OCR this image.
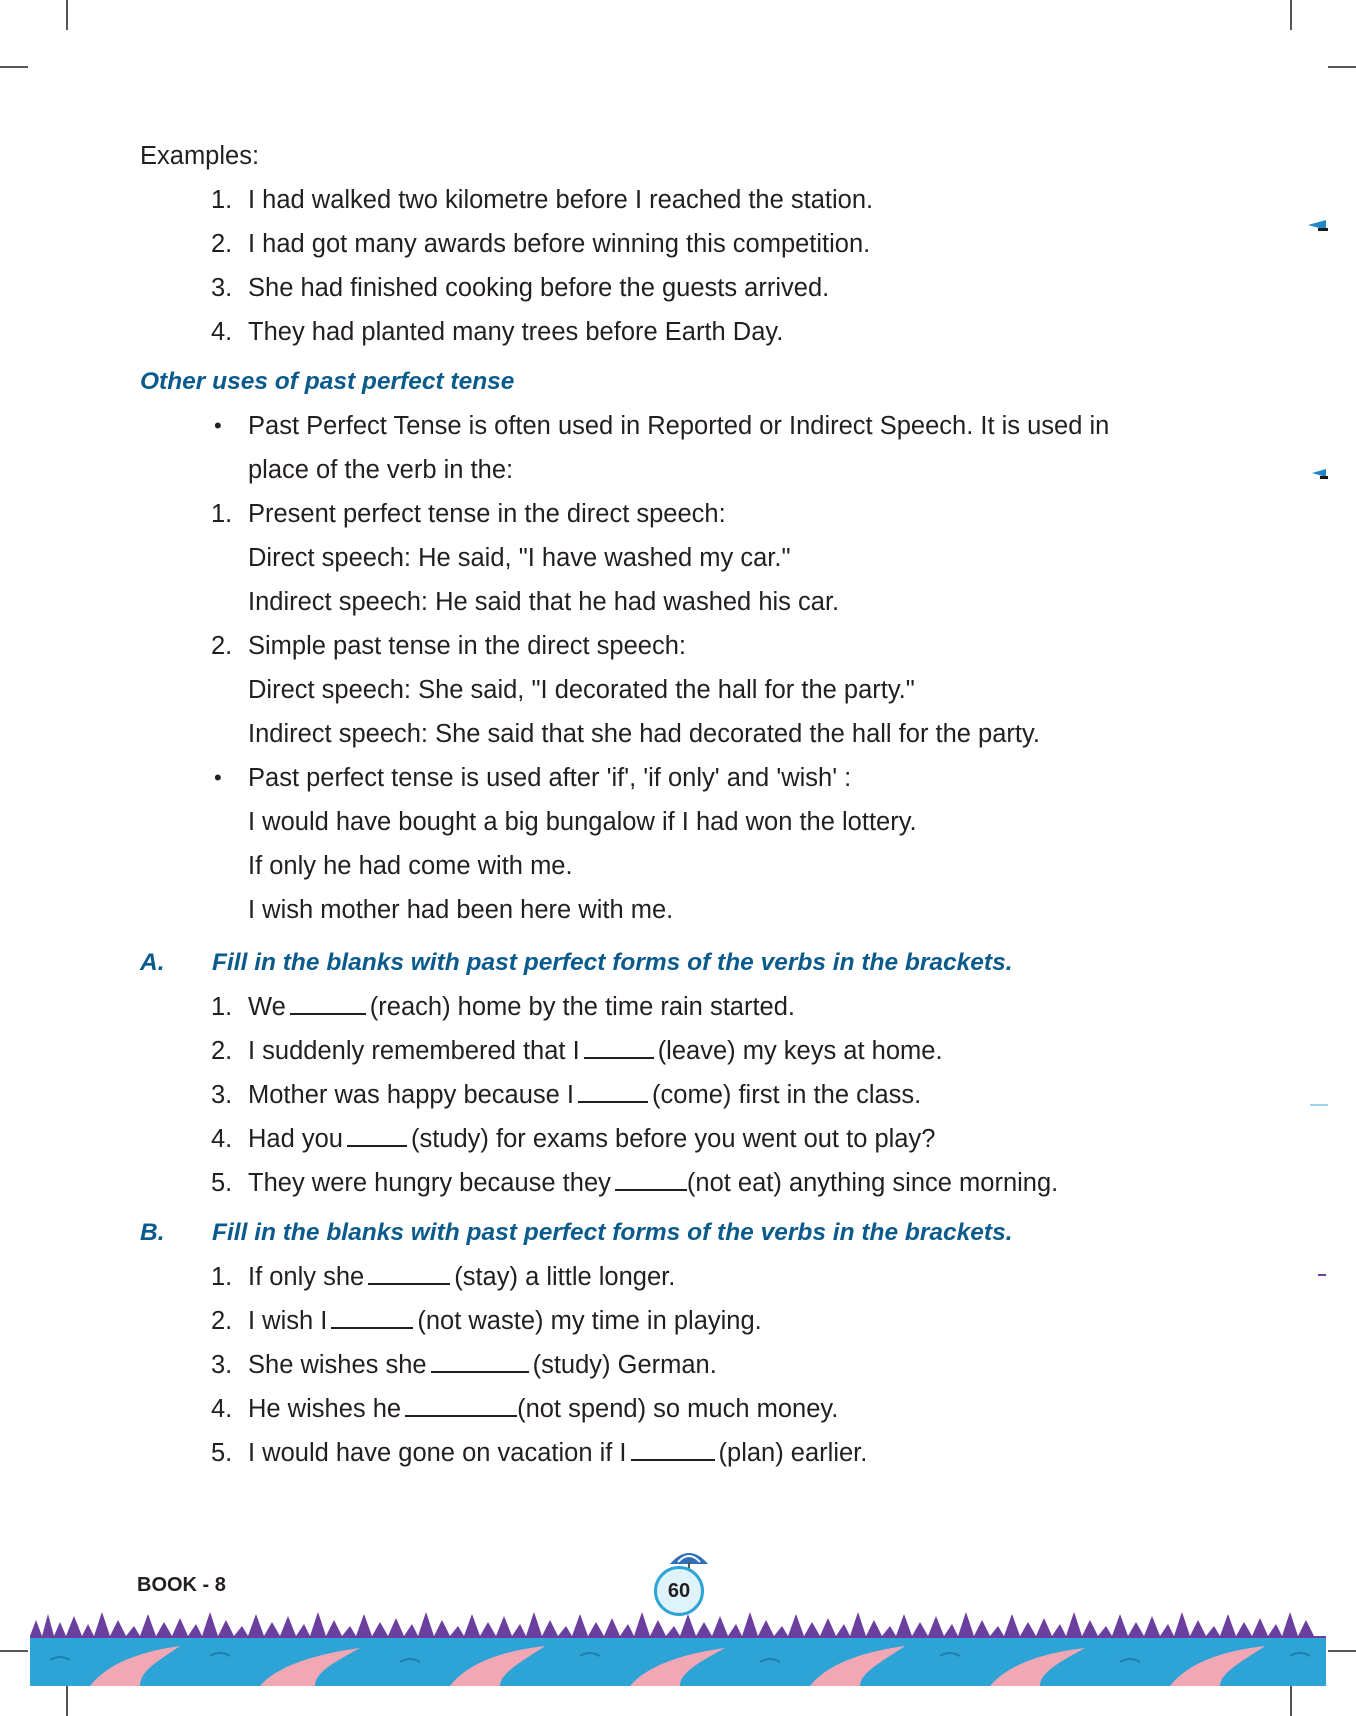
Examples:
1. I had walked two kilometre before I reached the station.
2. I had got many awards before winning this competition.
3. She had finished cooking before the guests arrived.
4. They had planted many trees before Earth Day.
Other uses of past perfect tense
• Past Perfect Tense is often used in Reported or Indirect Speech. It is used in
place of the verb in the:
1. Present perfect tense in the direct speech:
Direct speech: He said, "I have washed my car."
Indirect speech: He said that he had washed his car.
2. Simple past tense in the direct speech:
Direct speech: She said, "I decorated the hall for the party."
Indirect speech: She said that she had decorated the hall for the party.
• Past perfect tense is used after 'if', 'if only' and 'wish' :
I would have bought a big bungalow if I had won the lottery.
If only he had come with me.
I wish mother had been here with me.
A. Fill in the blanks with past perfect forms of the verbs in the brackets.
1. We	(reach) home by the time rain started.
2. I suddenly remembered that I	(leave) my keys at home.
3. Mother was happy because I	(come) first in the class.
4. Had you	(study) for exams before you went out to play?
5. They were hungry because they	(not eat) anything since morning.
B. Fill in the blanks with past perfect forms of the verbs in the brackets.
1. If only she	(stay) a little longer.
2. I wish I	(not waste) my time in playing.
3. She wishes she	(study) German.
4. He wishes he	(not spend) so much money.
5. I would have gone on vacation if I	(plan) earlier.
BOOK - 8	60
